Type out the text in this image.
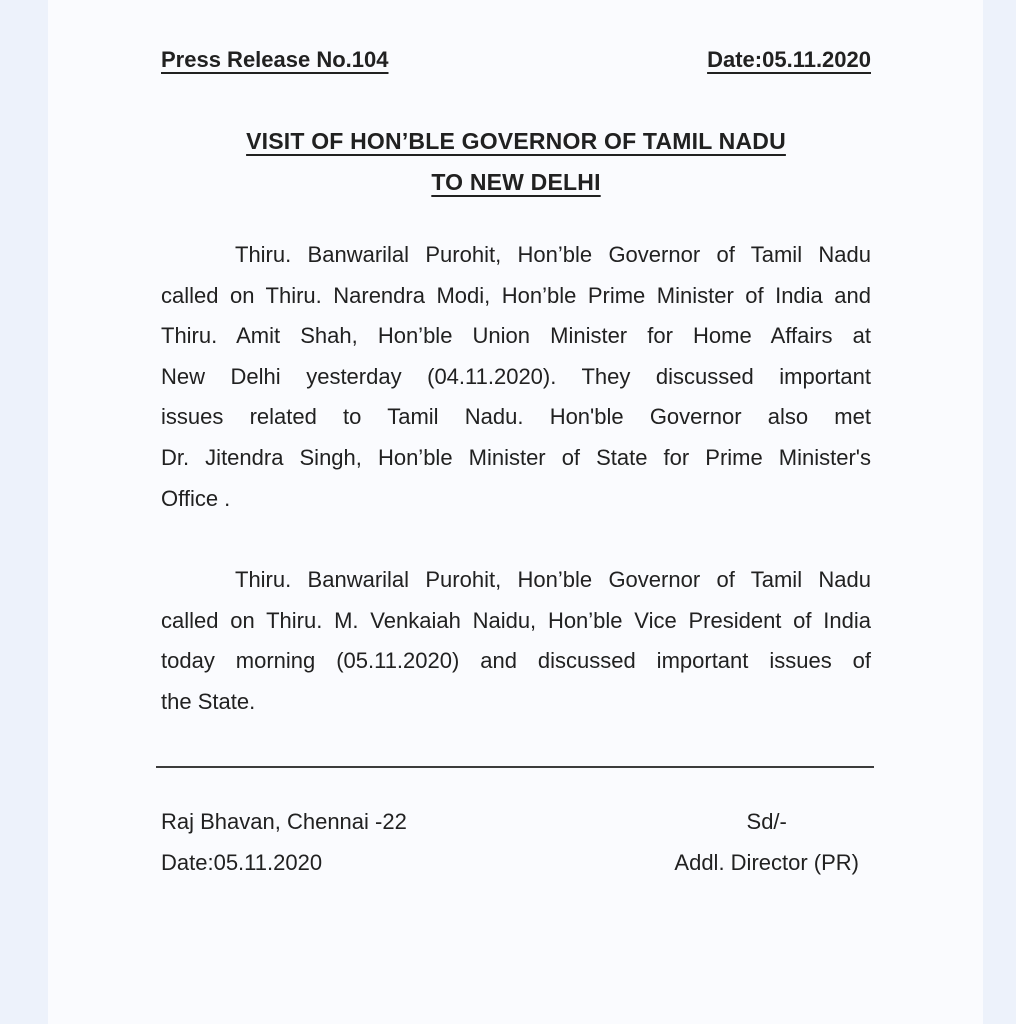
Press Release No.104	Date:05.11.2020
VISIT OF HON’BLE GOVERNOR OF TAMIL NADU
TO NEW DELHI
Thiru. Banwarilal Purohit, Hon’ble Governor of Tamil Nadu
called on Thiru. Narendra Modi, Hon’ble Prime Minister of India and
Thiru. Amit Shah, Hon’ble Union Minister for Home Affairs at
New Delhi yesterday (04.11.2020). They discussed important
issues related to Tamil Nadu. Hon'ble Governor also met
Dr. Jitendra Singh, Hon’ble Minister of State for Prime Minister's
Office .
Thiru. Banwarilal Purohit, Hon’ble Governor of Tamil Nadu
called on Thiru. M. Venkaiah Naidu, Hon’ble Vice President of India
today morning (05.11.2020) and discussed important issues of
the State.
Raj Bhavan, Chennai -22
Date:05.11.2020
Sd/-
Addl. Director (PR)
